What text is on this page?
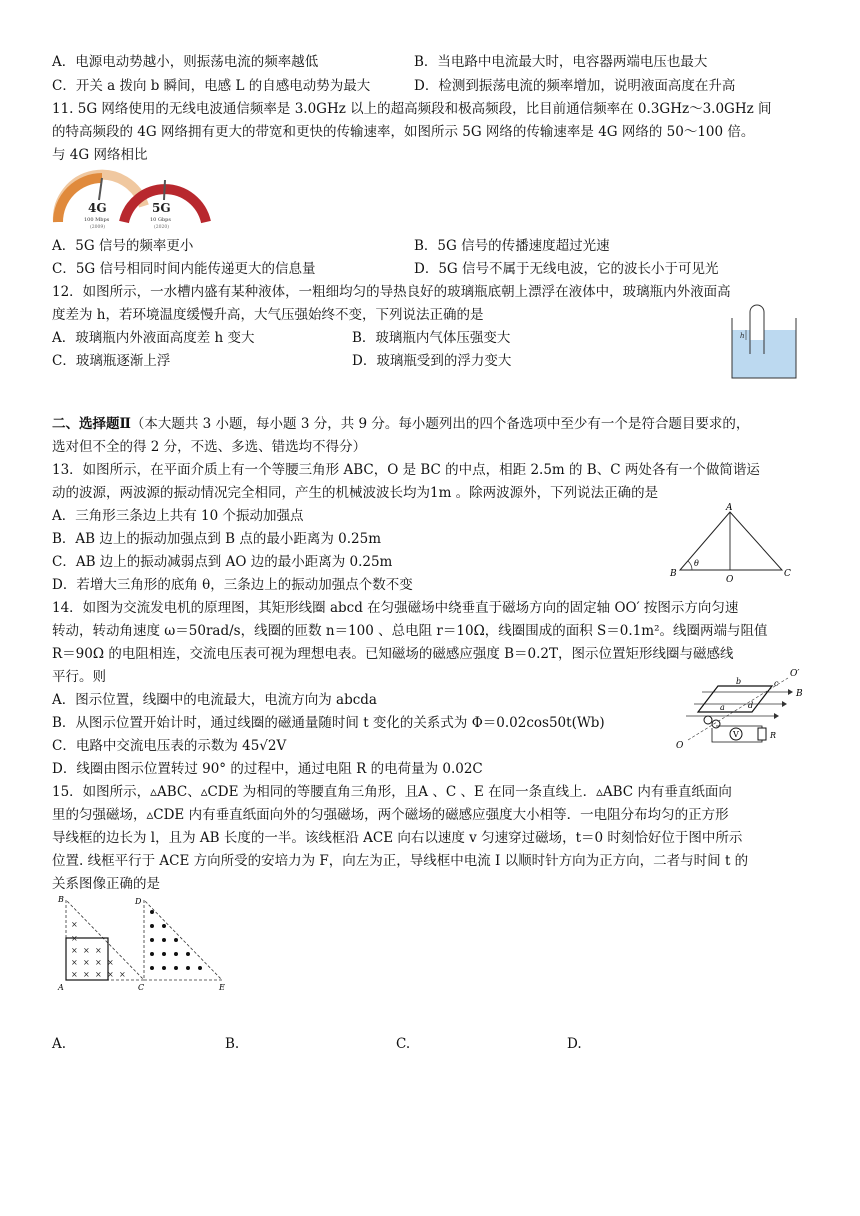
A．电源电动势越小，则振荡电流的频率越低	B．当电路中电流最大时，电容器两端电压也最大
C．开关 a 拨向 b 瞬间，电感 L 的自感电动势为最大	D．检测到振荡电流的频率增加，说明液面高度在升高
11. 5G 网络使用的无线电波通信频率是 3.0GHz 以上的超高频段和极高频段，比目前通信频率在 0.3GHz～3.0GHz 间
的特高频段的 4G 网络拥有更大的带宽和更快的传输速率，如图所示 5G 网络的传输速率是 4G 网络的 50～100 倍。
与 4G 网络相比
4G
100 Mbps
(2009)
5G
10 Gbps
(2020)
A．5G 信号的频率更小	B．5G 信号的传播速度超过光速
C．5G 信号相同时间内能传递更大的信息量	D．5G 信号不属于无线电波，它的波长小于可见光
12．如图所示，一水槽内盛有某种液体，一粗细均匀的导热良好的玻璃瓶底朝上漂浮在液体中，玻璃瓶内外液面高
度差为 h，若环境温度缓慢升高，大气压强始终不变，下列说法正确的是
A．玻璃瓶内外液面高度差 h 变大	B．玻璃瓶内气体压强变大
C．玻璃瓶逐渐上浮	D．玻璃瓶受到的浮力变大
h
二、选择题Ⅱ（本大题共 3 小题，每小题 3 分，共 9 分。每小题列出的四个备选项中至少有一个是符合题目要求的，
选对但不全的得 2 分，不选、多选、错选均不得分）
13．如图所示，在平面介质上有一个等腰三角形 ABC，O 是 BC 的中点，相距 2.5m 的 B、C 两处各有一个做简谐运
动的波源，两波源的振动情况完全相同，产生的机械波波长均为1m 。除两波源外，下列说法正确的是
A．三角形三条边上共有 10 个振动加强点
B．AB 边上的振动加强点到 B 点的最小距离为 0.25m
C．AB 边上的振动减弱点到 AO 边的最小距离为 0.25m
D．若增大三角形的底角 θ，三条边上的振动加强点个数不变
A
B	C
O
θ
14．如图为交流发电机的原理图，其矩形线圈 abcd 在匀强磁场中绕垂直于磁场方向的固定轴 OO′ 按图示方向匀速
转动，转动角速度 ω＝50rad/s，线圈的匝数 n＝100 、总电阻 r＝10Ω，线圈围成的面积 S＝0.1m²。线圈两端与阻值
R＝90Ω 的电阻相连，交流电压表可视为理想电表。已知磁场的磁感应强度 B＝0.2T，图示位置矩形线圈与磁感线
平行。则
A．图示位置，线圈中的电流最大，电流方向为 abcda
B．从图示位置开始计时，通过线圈的磁通量随时间 t 变化的关系式为 Φ＝0.02cos50t(Wb)
C．电路中交流电压表的示数为 45√2V
D．线圈由图示位置转过 90° 的过程中，通过电阻 R 的电荷量为 0.02C
V	R
O
O′
B
a
b	c
d
15．如图所示，▵ABC、▵CDE 为相同的等腰直角三角形，且A 、C 、E 在同一条直线上．▵ABC 内有垂直纸面向
里的匀强磁场，▵CDE 内有垂直纸面向外的匀强磁场，两个磁场的磁感应强度大小相等．一电阻分布均匀的正方形
导线框的边长为 l，且为 AB 长度的一半。该线框沿 ACE 向右以速度 v 匀速穿过磁场，t＝0 时刻恰好位于图中所示
位置. 线框平行于 ACE 方向所受的安培力为 F，向左为正，导线框中电流 I 以顺时针方向为正方向，二者与时间 t 的
关系图像正确的是
×
×
× × ×
× × × ×
× × × × ×
B
A	C
D
E
A.	B.	C.	D.
